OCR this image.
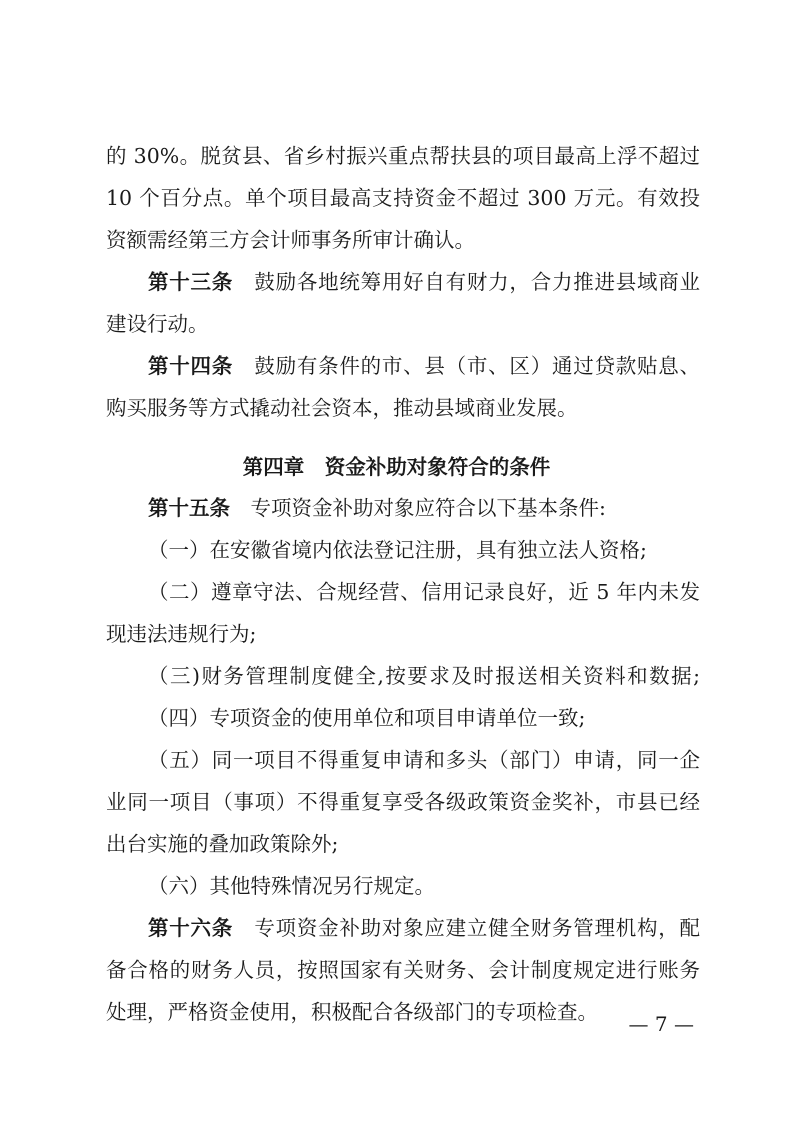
的 30%。脱贫县、省乡村振兴重点帮扶县的项目最高上浮不超过
10 个百分点。单个项目最高支持资金不超过 300 万元。有效投
资额需经第三方会计师事务所审计确认。
第十三条　 鼓励各地统筹用好自有财力，合力推进县域商业
建设行动。
第十四条　 鼓励有条件的市、县（市、区）通过贷款贴息、
购买服务等方式撬动社会资本，推动县域商业发展。
第四章　资金补助对象符合的条件
第十五条　 专项资金补助对象应符合以下基本条件:
（一）在安徽省境内依法登记注册，具有独立法人资格;
（二）遵章守法、合规经营、信用记录良好，近 5 年内未发
现违法违规行为;
（三)财务管理制度健全,按要求及时报送相关资料和数据;
（四）专项资金的使用单位和项目申请单位一致;
（五）同一项目不得重复申请和多头（部门）申请，同一企
业同一项目（事项）不得重复享受各级政策资金奖补，市县已经
出台实施的叠加政策除外;
（六）其他特殊情况另行规定。
第十六条　 专项资金补助对象应建立健全财务管理机构，配
备合格的财务人员，按照国家有关财务、会计制度规定进行账务
处理，严格资金使用，积极配合各级部门的专项检查。	— 7 —
